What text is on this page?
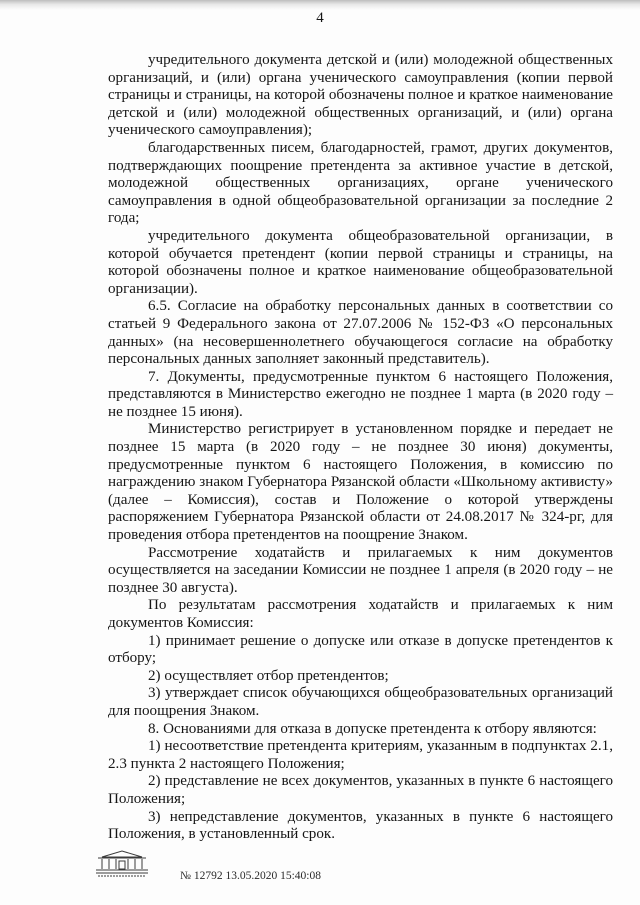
4

учредительного документа детской и (или) молодежной общественных организаций, и (или) органа ученического самоуправления (копии первой страницы и страницы, на которой обозначены полное и краткое наименование детской и (или) молодежной общественных организаций, и (или) органа ученического самоуправления);

благодарственных писем, благодарностей, грамот, других документов, подтверждающих поощрение претендента за активное участие в детской, молодежной общественных организациях, органе ученического самоуправления в одной общеобразовательной организации за последние 2 года;

учредительного документа общеобразовательной организации, в которой обучается претендент (копии первой страницы и страницы, на которой обозначены полное и краткое наименование общеобразовательной организации).

6.5. Согласие на обработку персональных данных в соответствии со статьей 9 Федерального закона от 27.07.2006 № 152-ФЗ «О персональных данных» (на несовершеннолетнего обучающегося согласие на обработку персональных данных заполняет законный представитель).

7. Документы, предусмотренные пунктом 6 настоящего Положения, представляются в Министерство ежегодно не позднее 1 марта (в 2020 году – не позднее 15 июня).

Министерство регистрирует в установленном порядке и передает не позднее 15 марта (в 2020 году – не позднее 30 июня) документы, предусмотренные пунктом 6 настоящего Положения, в комиссию по награждению знаком Губернатора Рязанской области «Школьному активисту» (далее – Комиссия), состав и Положение о которой утверждены распоряжением Губернатора Рязанской области от 24.08.2017 № 324-рг, для проведения отбора претендентов на поощрение Знаком.

Рассмотрение ходатайств и прилагаемых к ним документов осуществляется на заседании Комиссии не позднее 1 апреля (в 2020 году – не позднее 30 августа).

По результатам рассмотрения ходатайств и прилагаемых к ним документов Комиссия:

1) принимает решение о допуске или отказе в допуске претендентов к отбору;

2) осуществляет отбор претендентов;

3) утверждает список обучающихся общеобразовательных организаций для поощрения Знаком.

8. Основаниями для отказа в допуске претендента к отбору являются:

1) несоответствие претендента критериям, указанным в подпунктах 2.1, 2.3 пункта 2 настоящего Положения;

2) представление не всех документов, указанных в пункте 6 настоящего Положения;

3) непредставление документов, указанных в пункте 6 настоящего Положения, в установленный срок.

№ 12792 13.05.2020 15:40:08
